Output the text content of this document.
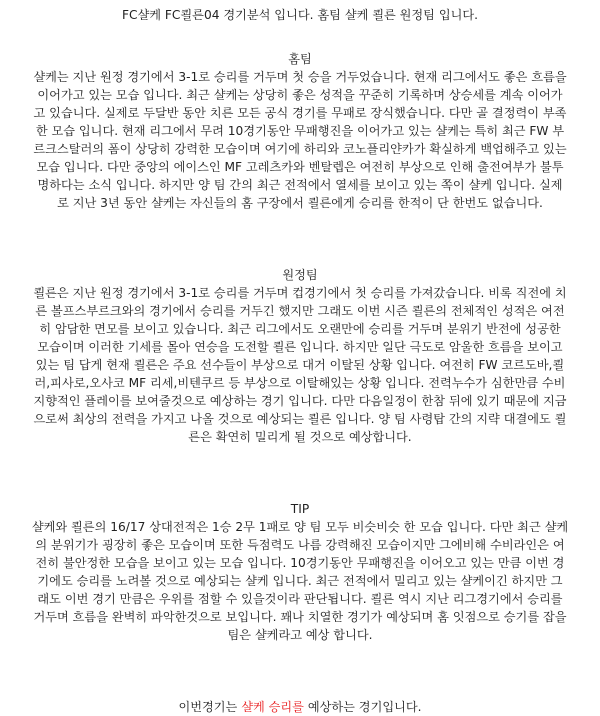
FC샬케 FC쾰른04 경기분석 입니다. 홈팀 샬케 쾰른 원정팀 입니다.

홈팀

샬케는 지난 원정 경기에서 3-1로 승리를 거두며 첫 승을 거두었습니다. 현재 리그에서도 좋은 흐름을
이어가고 있는 모습 입니다. 최근 샬케는 상당히 좋은 성적을 꾸준히 기록하며 상승세를 계속 이어가
고 있습니다. 실제로 두달반 동안 치른 모든 공식 경기를 무패로 장식했습니다. 다만 골 결정력이 부족
한 모습 입니다. 현재 리그에서 무려 10경기동안 무패행진을 이어가고 있는 샬케는 특히 최근 FW 부
르크스탈러의 폼이 상당히 강력한 모습이며 여기에 하리와 코노플리얀카가 확실하게 백업해주고 있는
모습 입니다. 다만 중앙의 에이스인 MF 고레츠카와 벤탈렙은 여전히 부상으로 인해 출전여부가 불투
명하다는 소식 입니다. 하지만 양 팀 간의 최근 전적에서 열세를 보이고 있는 쪽이 샬케 입니다. 실제
로 지난 3년 동안 샬케는 자신들의 홈 구장에서 쾰른에게 승리를 한적이 단 한번도 없습니다.

원정팀

쾰른은 지난 원정 경기에서 3-1로 승리를 거두며 컵경기에서 첫 승리를 가져갔습니다. 비록 직전에 치
른 볼프스부르크와의 경기에서 승리를 거두긴 했지만 그래도 이번 시즌 쾰른의 전체적인 성적은 여전
히 암담한 면모를 보이고 있습니다. 최근 리그에서도 오랜만에 승리를 거두며 분위기 반전에 성공한
모습이며 이러한 기세를 몰아 연승을 도전할 쾰른 입니다. 하지만 일단 극도로 암울한 흐름을 보이고
있는 팀 답게 현재 쾰른은 주요 선수들이 부상으로 대거 이탈된 상황 입니다. 여전히 FW 코르도바,쾰
러,피사로,오사코 MF 리세,비텐쿠르 등 부상으로 이탈해있는 상황 입니다. 전력누수가 심한만큼 수비
지향적인 플레이를 보여줄것으로 예상하는 경기 입니다. 다만 다음일정이 한참 뒤에 있기 때문에 지금
으로써 최상의 전력을 가지고 나올 것으로 예상되는 쾰른 입니다. 양 팀 사령탑 간의 지략 대결에도 쾰
른은 확연히 밀리게 될 것으로 예상합니다.

TIP

샬케와 쾰른의 16/17 상대전적은 1승 2무 1패로 양 팀 모두 비슷비슷 한 모습 입니다. 다만 최근 샬케
의 분위기가 굉장히 좋은 모습이며 또한 득점력도 나름 강력해진 모습이지만 그에비해 수비라인은 여
전히 불안정한 모습을 보이고 있는 모습 입니다. 10경기동안 무패행진을 이어오고 있는 만큼 이번 경
기에도 승리를 노려볼 것으로 예상되는 샬케 입니다. 최근 전적에서 밀리고 있는 샬케이긴 하지만 그
래도 이번 경기 만큼은 우위를 점할 수 있을것이라 판단됩니다. 쾰른 역시 지난 리그경기에서 승리를
거두며 흐름을 완벽히 파악한것으로 보입니다. 꽤나 치열한 경기가 예상되며 홈 잇점으로 승기를 잡을
팀은 샬케라고 예상 합니다.

이번경기는 샬케 승리를 예상하는 경기입니다.
